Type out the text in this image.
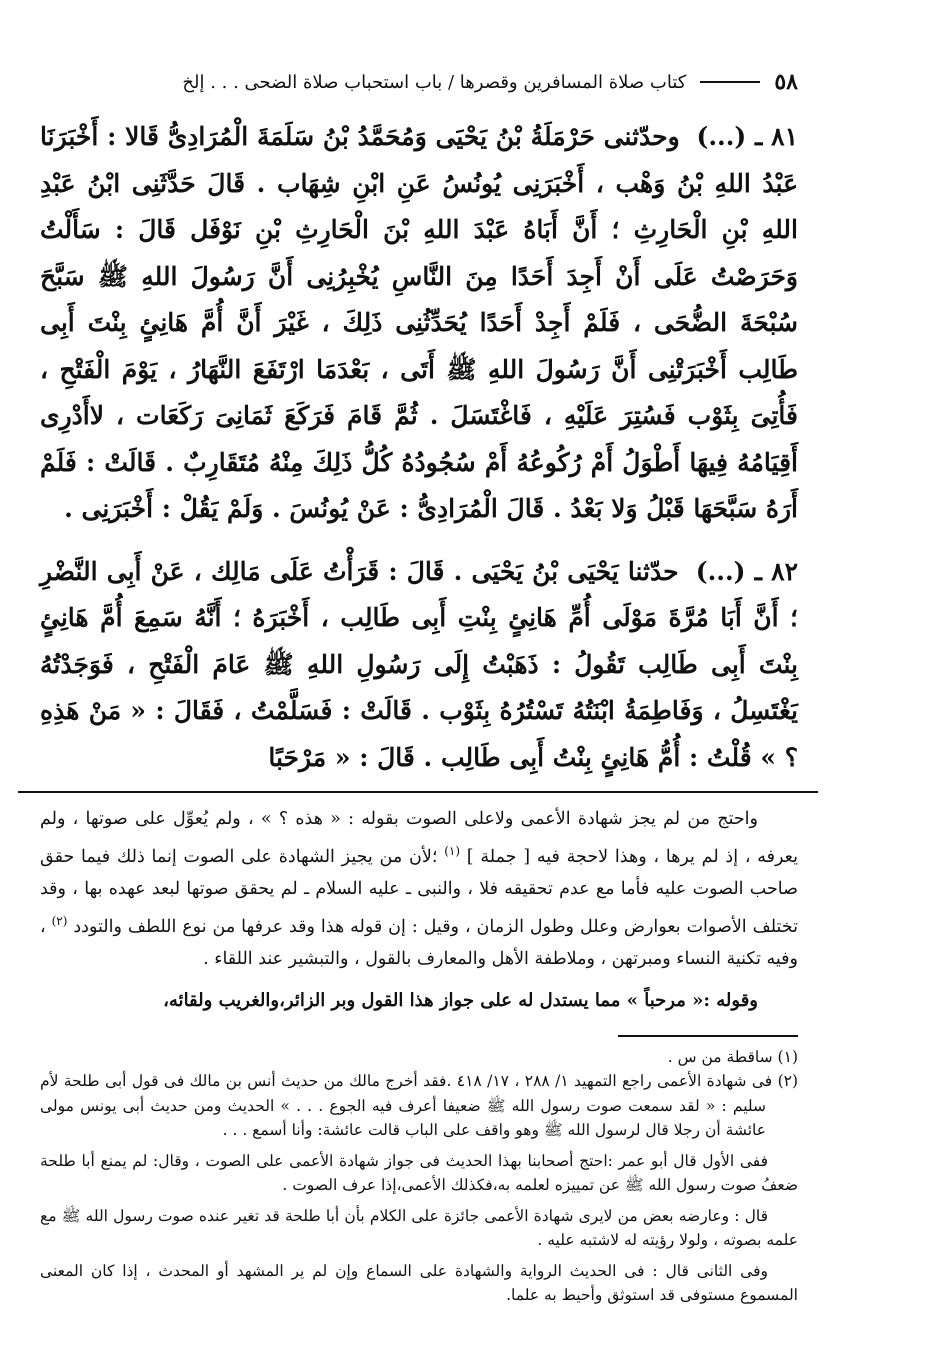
٥٨
كتاب صلاة المسافرين وقصرها / باب استحباب صلاة الضحى . . . إلخ
٨١ ـ (...) وحدّثنى حَرْمَلَةُ بْنُ يَحْيَى وَمُحَمَّدُ بْنُ سَلَمَةَ الْمُرَادِىُّ قَالا : أَخْبَرَنَا عَبْدُ اللهِ بْنُ وَهْب ، أَخْبَرَنِى يُونُسُ عَنِ ابْنِ شِهَاب . قَالَ حَدَّثَنِى ابْنُ عَبْدِ اللهِ بْنِ الْحَارِثِ ؛ أَنَّ أَبَاهُ عَبْدَ اللهِ بْنَ الْحَارِثِ بْنِ نَوْفَل قَالَ : سَأَلْتُ وَحَرَصْتُ عَلَى أَنْ أَجِدَ أَحَدًا مِنَ النَّاسِ يُخْبِرُنِى أَنَّ رَسُولَ اللهِ ﷺ سَبَّحَ سُبْحَةَ الضُّحَى ، فَلَمْ أَجِدْ أَحَدًا يُحَدِّثُنِى ذَلِكَ ، غَيْرَ أَنَّ أُمَّ هَانِئٍ بِنْتَ أَبِى طَالِب أَخْبَرَتْنِى أَنَّ رَسُولَ اللهِ ﷺ أَتَى ، بَعْدَمَا ارْتَفَعَ النَّهَارُ ، يَوْمَ الْفَتْحِ ، فَأُتِىَ بِثَوْب فَسُتِرَ عَلَيْهِ ، فَاغْتَسَلَ . ثُمَّ قَامَ فَرَكَعَ ثَمَانِىَ رَكَعَات ، لاأَدْرِى أَقِيَامُهُ فِيهَا أَطْوَلُ أَمْ رُكُوعُهُ أَمْ سُجُودُهُ كُلُّ ذَلِكَ مِنْهُ مُتَقَارِبٌ . قَالَتْ : فَلَمْ أَرَهُ سَبَّحَهَا قَبْلُ وَلا بَعْدُ . قَالَ الْمُرَادِىُّ : عَنْ يُونُسَ . وَلَمْ يَقُلْ : أَخْبَرَنِى .
٨٢ ـ (...) حدّثنا يَحْيَى بْنُ يَحْيَى . قَالَ : قَرَأْتُ عَلَى مَالِك ، عَنْ أَبِى النَّضْرِ ؛ أَنَّ أَبَا مُرَّةَ مَوْلَى أُمِّ هَانِئٍ بِنْتِ أَبِى طَالِب ، أَخْبَرَهُ ؛ أَنَّهُ سَمِعَ أُمَّ هَانِئٍ بِنْتَ أَبِى طَالِب تَقُولُ : ذَهَبْتُ إِلَى رَسُولِ اللهِ ﷺ عَامَ الْفَتْحِ ، فَوَجَدْتُهُ يَغْتَسِلُ ، وَفَاطِمَةُ ابْنَتُهُ تَسْتُرُهُ بِثَوْب . قَالَتْ : فَسَلَّمْتُ ، فَقَالَ : « مَنْ هَذِهِ ؟ » قُلْتُ : أُمُّ هَانِئٍ بِنْتُ أَبِى طَالِب . قَالَ : « مَرْحَبًا

واحتج من لم يجز شهادة الأعمى ولاعلى الصوت بقوله : « هذه ؟ » ، ولم يُعوِّل على صوتها ، ولم يعرفه ، إذ لم يرها ، وهذا لاحجة فيه [ جملة ] $^{(١)}$ ؛لأن من يجيز الشهادة على الصوت إنما ذلك فيما حقق صاحب الصوت عليه فأما مع عدم تحقيقه فلا ، والنبى ـ عليه السلام ـ لم يحقق صوتها لبعد عهده بها ، وقد تختلف الأصوات بعوارض وعلل وطول الزمان ، وقيل : إن قوله هذا وقد عرفها من نوع اللطف والتودد $^{(٢)}$ ، وفيه تكنية النساء ومبرتهن ، وملاطفة الأهل والمعارف بالقول ، والتبشير عند اللقاء .

وقوله :« مرحباً » مما يستدل له على جواز هذا القول وبر الزائر،والغريب ولقائه،

(١) ساقطة من س .

(٢) فى شهادة الأعمى راجع التمهيد ١/ ٢٨٨ ، ١٧/ ٤١٨ .فقد أخرج مالك من حديث أنس بن مالك فى قول أبى طلحة لأم سليم : « لقد سمعت صوت رسول الله ﷺ ضعيفا أعرف فيه الجوع . . . » الحديث ومن حديث أبى يونس مولى عائشة أن رجلا قال لرسول الله ﷺ وهو واقف على الباب قالت عائشة: وأنا أسمع . . .

ففى الأول قال أبو عمر :احتج أصحابنا بهذا الحديث فى جواز شهادة الأعمى على الصوت ، وقال: لم يمنع أبا طلحة ضعفُ صوت رسول الله ﷺ عن تمييزه لعلمه به،فكذلك الأعمى،إذا عرف الصوت .

قال : وعارضه بعض من لايرى شهادة الأعمى جائزة على الكلام بأن أبا طلحة قد تغير عنده صوت رسول الله ﷺ مع علمه بصوته ، ولولا رؤيته له لاشتبه عليه .

وفى الثانى قال : فى الحديث الرواية والشهادة على السماع وإن لم ير المشهد أو المحدث ، إذا كان المعنى المسموع مستوفى قد استوثق وأحيط به علما.
